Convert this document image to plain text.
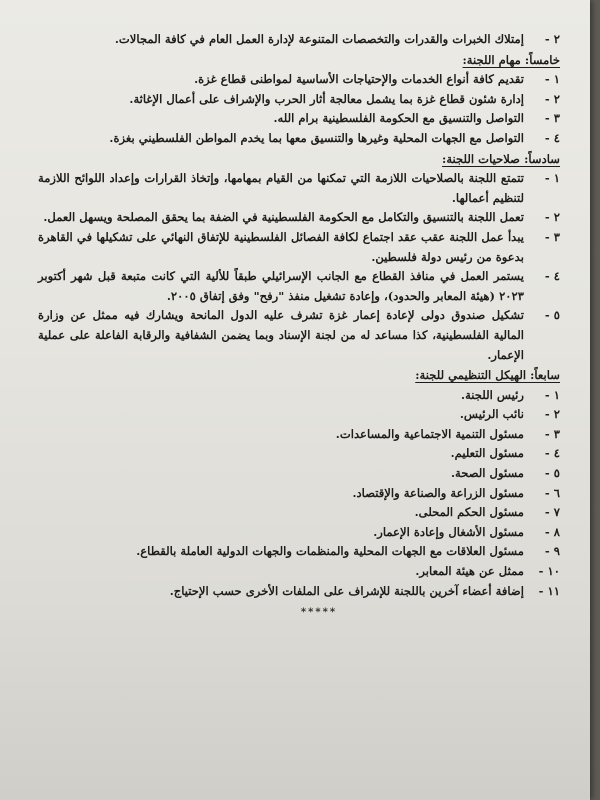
٢ -
إمتلاك الخبرات والقدرات والتخصصات المتنوعة لإدارة العمل العام في كافة المجالات.
خامساً: مهام اللجنة:
١ -
تقديم كافة أنواع الخدمات والإحتياجات الأساسية لمواطنى قطاع غزة.
٢ -
إدارة شئون قطاع غزة بما يشمل معالجة أثار الحرب والإشراف على أعمال الإغاثة.
٣ -
التواصل والتنسيق مع الحكومة الفلسطينية برام الله.
٤ -
التواصل مع الجهات المحلية وغيرها والتنسيق معها بما يخدم المواطن الفلسطيني بغزة.
سادساً: صلاحيات اللجنة:
١ -
تتمتع اللجنة بالصلاحيات اللازمة التي تمكنها من القيام بمهامها، وإتخاذ القرارات وإعداد اللوائح اللازمة لتنظيم أعمالها.
٢ -
تعمل اللجنة بالتنسيق والتكامل مع الحكومة الفلسطينية في الضفة بما يحقق المصلحة ويسهل العمل.
٣ -
يبدأ عمل اللجنة عقب عقد اجتماع لكافة الفصائل الفلسطينية للإتفاق النهائي على تشكيلها في القاهرة بدعوة من رئيس دولة فلسطين.
٤ -
يستمر العمل في منافذ القطاع مع الجانب الإسرائيلي طبقاً للألية التي كانت متبعة قبل شهر أكتوبر ٢٠٢٣ (هيئة المعابر والحدود)، وإعادة تشغيل منفذ "رفح" وفق إتفاق ٢٠٠٥.
٥ -
تشكيل صندوق دولى لإعادة إعمار غزة تشرف عليه الدول المانحة ويشارك فيه ممثل عن وزارة المالية الفلسطينية، كذا مساعد له من لجنة الإسناد وبما يضمن الشفافية والرقابة الفاعلة على عملية الإعمار.
سابعاً: الهيكل التنظيمي للجنة:
١ -
رئيس اللجنة.
٢ -
نائب الرئيس.
٣ -
مسئول التنمية الاجتماعية والمساعدات.
٤ -
مسئول التعليم.
٥ -
مسئول الصحة.
٦ -
مسئول الزراعة والصناعة والإقتصاد.
٧ -
مسئول الحكم المحلى.
٨ -
مسئول الأشغال وإعادة الإعمار.
٩ -
مسئول العلاقات مع الجهات المحلية والمنظمات والجهات الدولية العاملة بالقطاع.
١٠ -
ممثل عن هيئة المعابر.
١١ -
إضافة أعضاء آخرين باللجنة للإشراف على الملفات الأخرى حسب الإحتياج.
*****
